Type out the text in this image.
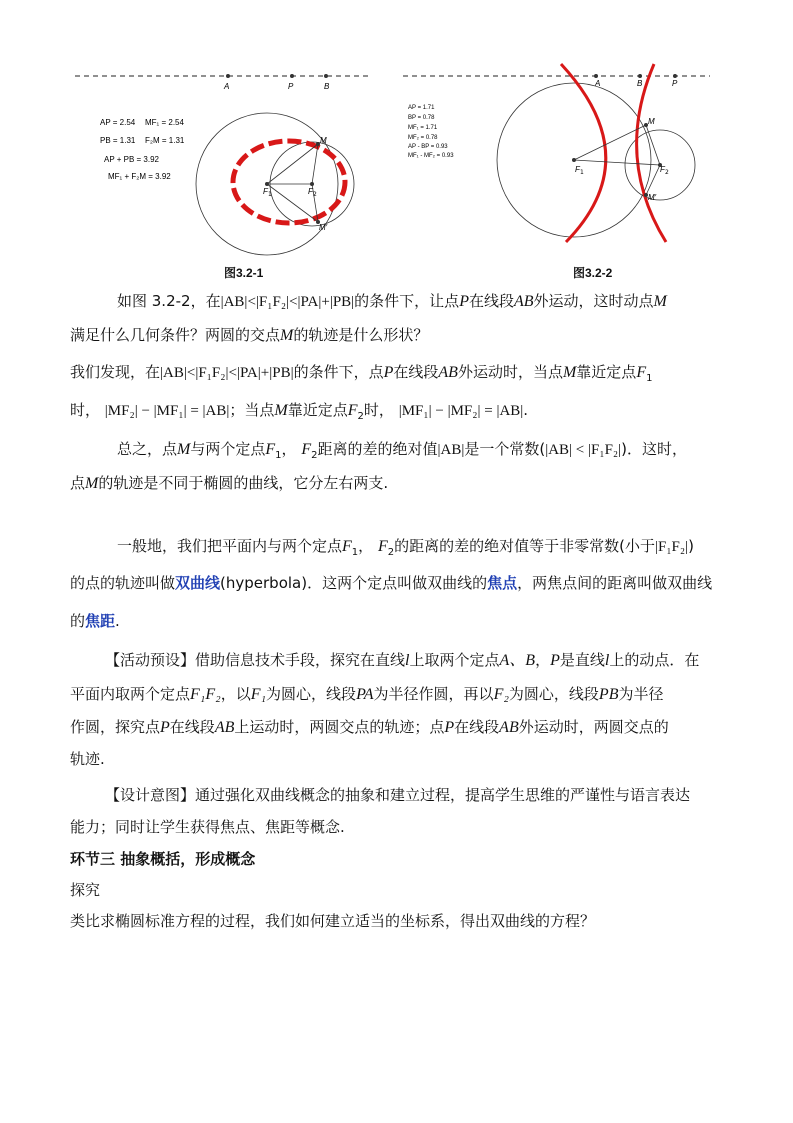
A	P	B
AP = 2.54 MF₁ = 2.54
PB = 1.31 F₂M = 1.31
AP + PB = 3.92
MF₁ + F₂M = 3.92
M
M′
F 1	F 2
图3.2-1
A	B	P
AP = 1.71
BP = 0.78
MF₁ = 1.71
MF₂ = 0.78
AP - BP = 0.93
MF₁ - MF₂ = 0.93
M
M′
F 1	F 2
图3.2-2
如图 3.2-2，在|AB|<|F₁F₂|<|PA|+|PB|的条件下，让点P在线段AB外运动，这时动点M
满足什么几何条件？两圆的交点M的轨迹是什么形状？
我们发现，在|AB|<|F₁F₂|<|PA|+|PB|的条件下，点P在线段AB外运动时，当点M靠近定点$F_1$
时， |MF₂| − |MF₁| = |AB|；当点M靠近定点$F_2$时， |MF₁| − |MF₂| = |AB|.
总之，点M与两个定点$F_1$， $F_2$距离的差的绝对值|AB|是一个常数(|AB| < |F₁F₂|)．这时，
点M的轨迹是不同于椭圆的曲线，它分左右两支.
一般地，我们把平面内与两个定点$F_1$， $F_2$的距离的差的绝对值等于非零常数(小于|F₁F₂|)
的点的轨迹叫做双曲线(hyperbola)．这两个定点叫做双曲线的焦点，两焦点间的距离叫做双曲线
的焦距.
【活动预设】借助信息技术手段，探究在直线l上取两个定点A、B，P是直线l上的动点．在
平面内取两个定点F₁F₂，以F₁为圆心，线段PA为半径作圆，再以F₂为圆心，线段PB为半径
作圆，探究点P在线段AB上运动时，两圆交点的轨迹；点P在线段AB外运动时，两圆交点的
轨迹.
【设计意图】通过强化双曲线概念的抽象和建立过程，提高学生思维的严谨性与语言表达
能力；同时让学生获得焦点、焦距等概念.
环节三 抽象概括，形成概念
探究
类比求椭圆标准方程的过程，我们如何建立适当的坐标系，得出双曲线的方程？
